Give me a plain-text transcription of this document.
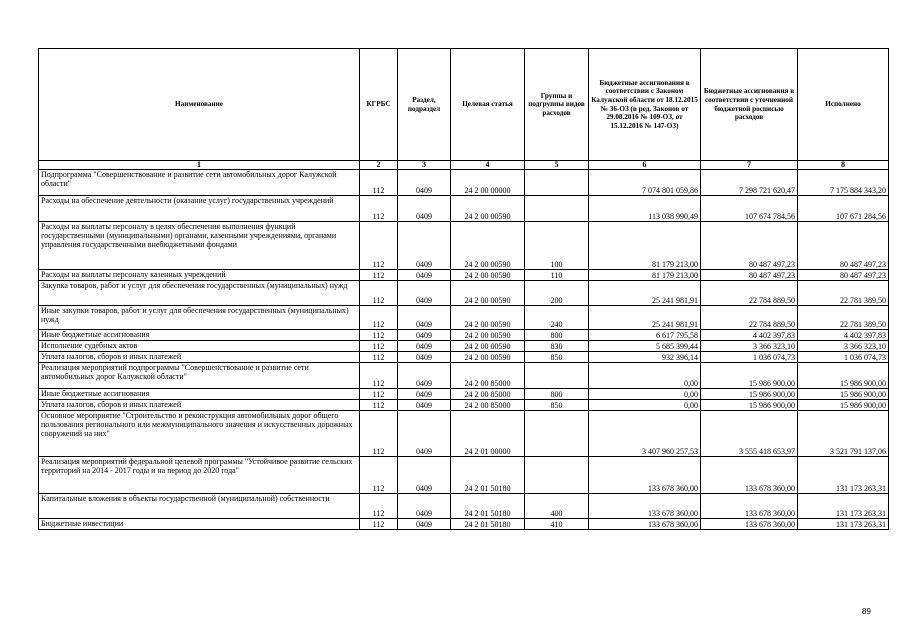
Наименование	КГРБС	Раздел, подраздел	Целевая статья	Группы и подгруппы видов расходов	Бюджетные ассигнования в соответствии с Законом Калужской области от 18.12.2015 № 36-ОЗ (в ред. Законов от 29.08.2016 № 109-ОЗ, от 15.12.2016 № 147-ОЗ)	Бюджетные ассигнования в соответствии с уточненной бюджетной росписью расходов	Исполнено
1	2	3	4	5	6	7	8
Подпрограмма "Совершенствование и развитие сети автомобильных дорог Калужской области"	112	0409	24 2 00 00000		7 074 801 059,86	7 298 721 620,47	7 175 884 343,20
Расходы на обеспечение деятельности (оказание услуг) государственных учреждений	112	0409	24 2 00 00590		113 038 990,49	107 674 784,56	107 671 284,56
Расходы на выплаты персоналу в целях обеспечения выполнения функций государственными (муниципальными) органами, казенными учреждениями, органами управления государственными внебюджетными фондами	112	0409	24 2 00 00590	100	81 179 213,00	80 487 497,23	80 487 497,23
Расходы на выплаты персоналу казенных учреждений	112	0409	24 2 00 00590	110	81 179 213,00	80 487 497,23	80 487 497,23
Закупка товаров, работ и услуг для обеспечения государственных (муниципальных) нужд	112	0409	24 2 00 00590	200	25 241 981,91	22 784 889,50	22 781 389,50
Иные закупки товаров, работ и услуг для обеспечения государственных (муниципальных) нужд	112	0409	24 2 00 00590	240	25 241 981,91	22 784 889,50	22 781 389,50
Иные бюджетные ассигнования	112	0409	24 2 00 00590	800	6 617 795,58	4 402 397,83	4 402 397,83
Исполнение судебных актов	112	0409	24 2 00 00590	830	5 685 399,44	3 366 323,10	3 366 323,10
Уплата налогов, сборов и иных платежей	112	0409	24 2 00 00590	850	932 396,14	1 036 074,73	1 036 074,73
Реализация мероприятий подпрограммы "Совершенствование и развитие сети автомобильных дорог Калужской области"	112	0409	24 2 00 85000		0,00	15 986 900,00	15 986 900,00
Иные бюджетные ассигнования	112	0409	24 2 00 85000	800	0,00	15 986 900,00	15 986 900,00
Уплата налогов, сборов и иных платежей	112	0409	24 2 00 85000	850	0,00	15 986 900,00	15 986 900,00
Основное мероприятие "Строительство и реконструкция автомобильных дорог общего пользования регионального или межмуниципального значения и искусственных дорожных сооружений на них"	112	0409	24 2 01 00000		3 407 960 257,53	3 555 418 653,97	3 521 791 137,06
Реализация мероприятий федеральной целевой программы "Устойчивое развитие сельских территорий на 2014 - 2017 годы и на период до 2020 года"	112	0409	24 2 01 50180		133 678 360,00	133 678 360,00	131 173 263,31
Капитальные вложения в объекты государственной (муниципальной) собственности	112	0409	24 2 01 50180	400	133 678 360,00	133 678 360,00	131 173 263,31
Бюджетные инвестиции	112	0409	24 2 01 50180	410	133 678 360,00	133 678 360,00	131 173 263,31
89
